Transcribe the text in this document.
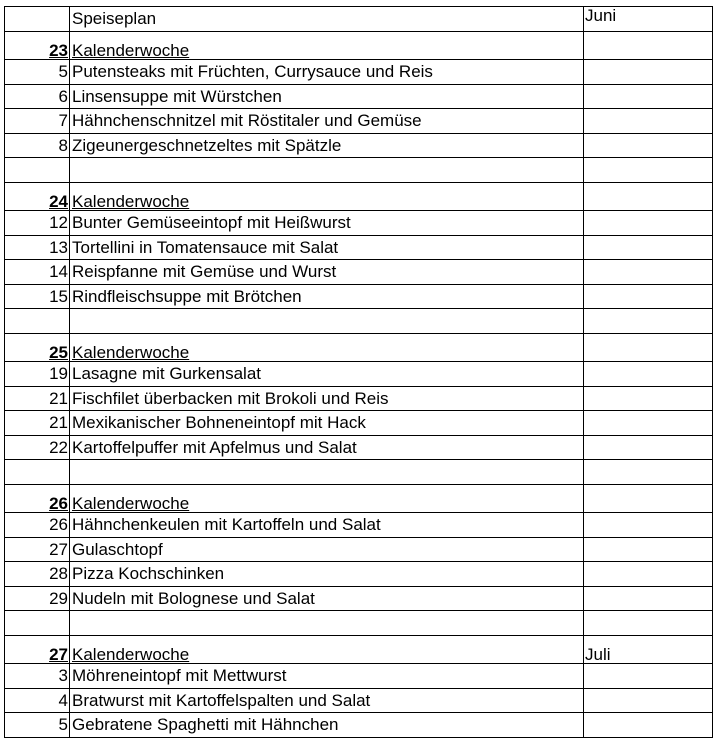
	Speiseplan	Juni
23	Kalenderwoche	
5	Putensteaks mit Früchten, Currysauce und Reis	
6	Linsensuppe mit Würstchen	
7	Hähnchenschnitzel mit Röstitaler und Gemüse	
8	Zigeunergeschnetzeltes mit Spätzle	

24	Kalenderwoche	
12	Bunter Gemüseeintopf mit Heißwurst	
13	Tortellini in Tomatensauce mit Salat	
14	Reispfanne mit Gemüse und Wurst	
15	Rindfleischsuppe mit Brötchen	

25	Kalenderwoche	
19	Lasagne mit Gurkensalat	
21	Fischfilet überbacken mit Brokoli und Reis	
21	Mexikanischer Bohneneintopf mit Hack	
22	Kartoffelpuffer mit Apfelmus und Salat	

26	Kalenderwoche	
26	Hähnchenkeulen mit Kartoffeln und Salat	
27	Gulaschtopf	
28	Pizza Kochschinken	
29	Nudeln mit Bolognese und Salat	

27	Kalenderwoche	Juli
3	Möhreneintopf mit Mettwurst	
4	Bratwurst mit Kartoffelspalten und Salat	
5	Gebratene Spaghetti mit Hähnchen	
